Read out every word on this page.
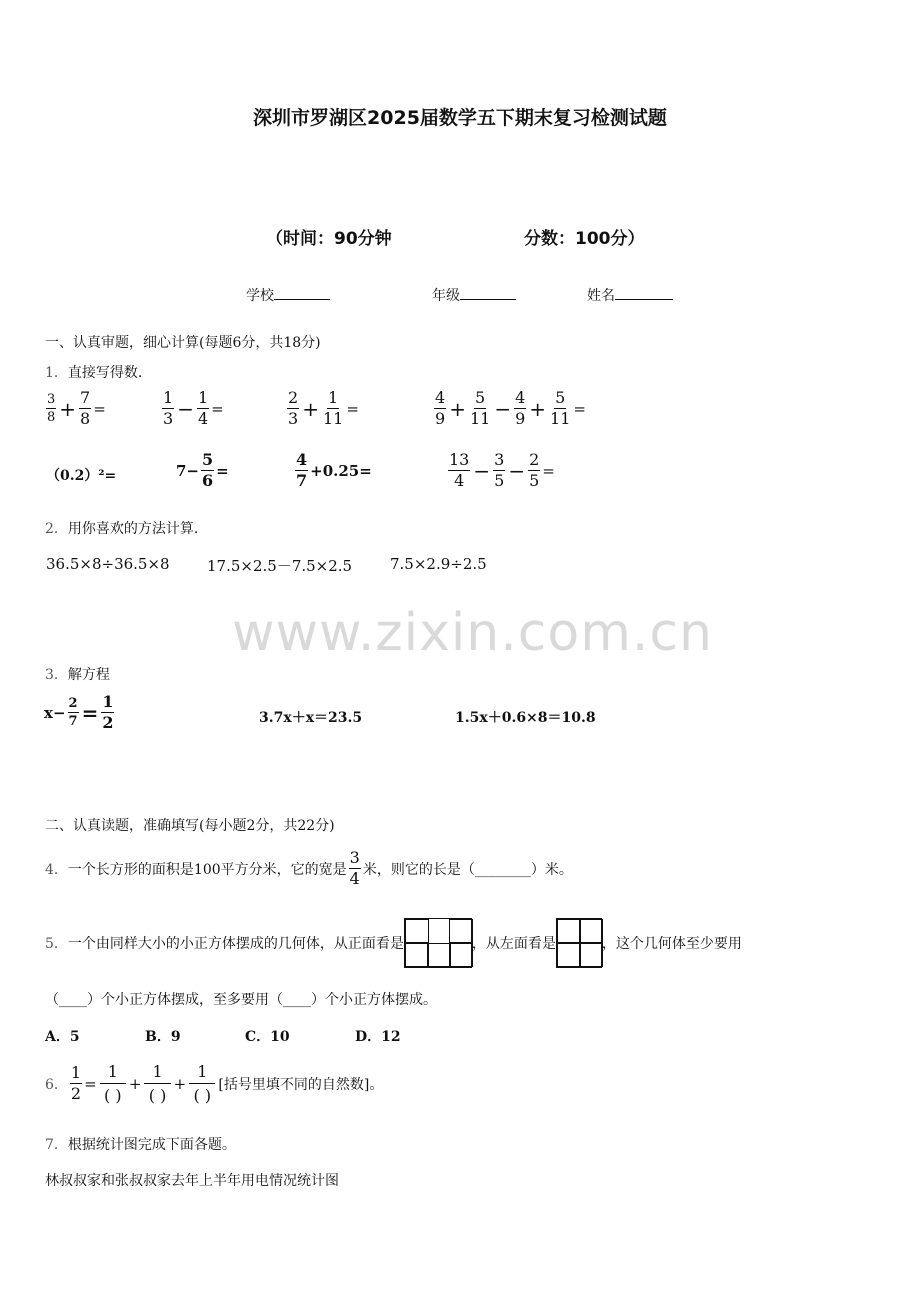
深圳市罗湖区2025届数学五下期末复习检测试题
（时间：90分钟	分数：100分）
学校	年级	姓名
一、认真审题，细心计算(每题6分，共18分)
1．直接写得数.
$\frac{3}{8} + \frac{7}{8}$ =	$\frac{1}{3} - \frac{1}{4}$ =	$\frac{2}{3} + \frac{1}{11}$ =	$\frac{4}{9} + \frac{5}{11} - \frac{4}{9} + \frac{5}{11}$ =
（0.2）²=	$7- \frac{5}{6}$ =	$\frac{4}{7} +0.25=$	$\frac{13}{4} - \frac{3}{5} - \frac{2}{5}$ =
2．用你喜欢的方法计算.
36.5×8÷36.5×8 17.5×2.5－7.5×2.5	7.5×2.9÷2.5
www.zixin.com.cn
3．解方程
$x- \frac{2}{7} = \frac{1}{2}$	3.7x＋x＝23.5	1.5x＋0.6×8＝10.8
二、认真读题，准确填写(每小题2分，共22分)
4． 一个长方形的面积是100平方分米，它的宽是 $\frac{3}{4}$ 米，则它的长是（________）米。
5． 一个由同样大小的小正方体摆成的几何体，从正面看是	，从左面看是	，这个几何体至少要用
（____）个小正方体摆成，至多要用（____）个小正方体摆成。
A．5	B．9	C．10	D．12
6． $\frac{1}{2}$ =
1
( )
+
1
( )
+
1
( )
[括号里填不同的自然数]。
7．根据统计图完成下面各题。
林叔叔家和张叔叔家去年上半年用电情况统计图
